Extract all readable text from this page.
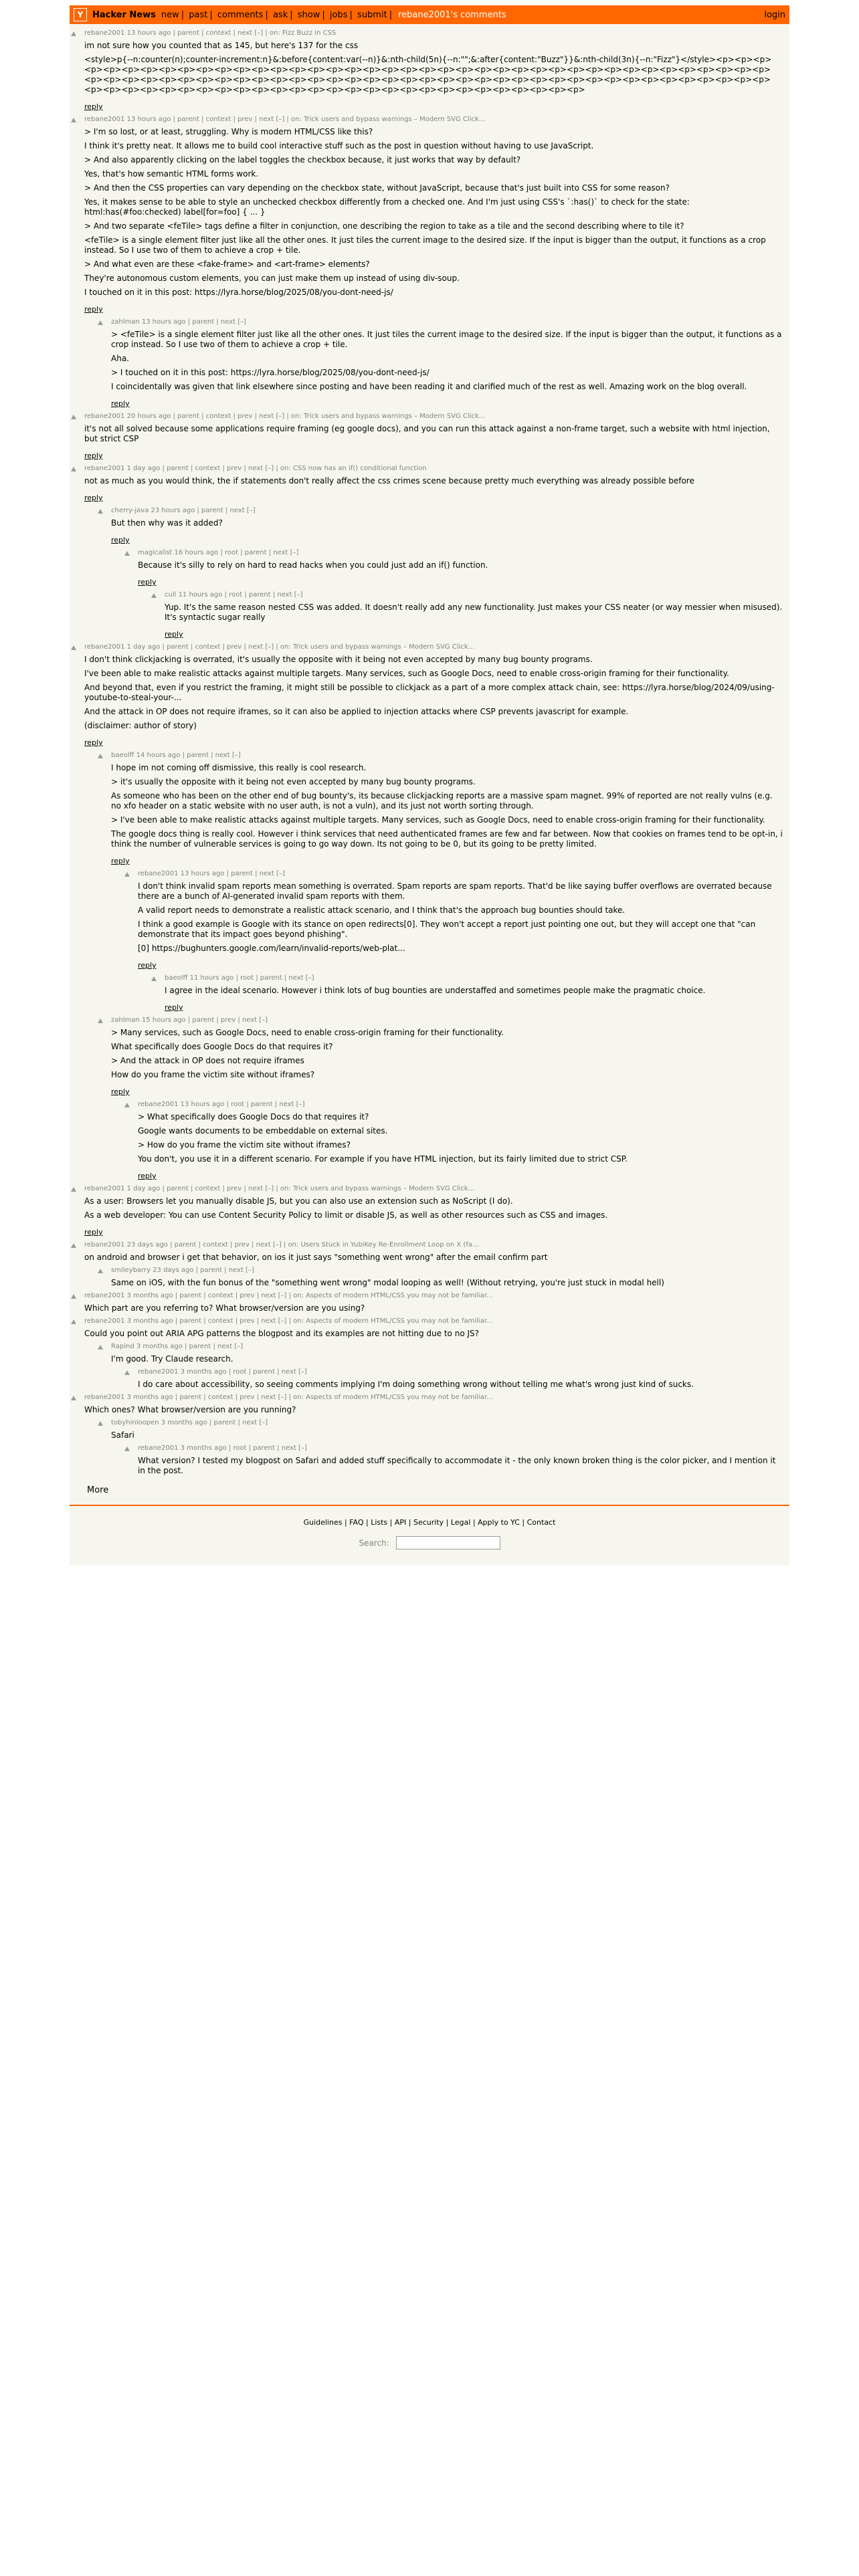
Y	Hacker News new | past | comments | ask | show | jobs | submit | rebane2001's comments	login
rebane2001 13 hours ago | parent | context | next [–] | on: Fizz Buzz in CSS

im not sure how you counted that as 145, but here's 137 for the css

<style>p{--n:counter(n);counter-increment:n}&:before{content:var(--n)}&:nth-child(5n){--n:"";&:after{content:"Buzz"}}&:nth-child(3n){--n:"Fizz"}</style><p><p><p><p><p><p><p><p><p><p><p><p><p><p><p><p><p><p><p><p><p><p><p><p><p><p><p><p><p><p><p><p><p><p><p><p><p><p><p><p><p><p><p><p><p><p><p><p><p><p><p><p><p><p><p><p><p><p><p><p><p><p><p><p><p><p><p><p><p><p><p><p><p><p><p><p><p><p><p><p><p><p><p><p><p><p><p><p><p><p><p><p><p><p><p><p><p><p><p><p><p><p><p><p>

reply
rebane2001 13 hours ago | parent | context | prev | next [–] | on: Trick users and bypass warnings – Modern SVG Click...

> I'm so lost, or at least, struggling. Why is modern HTML/CSS like this?

I think it's pretty neat. It allows me to build cool interactive stuff such as the post in question without having to use JavaScript.

> And also apparently clicking on the label toggles the checkbox because, it just works that way by default?

Yes, that's how semantic HTML forms work.

> And then the CSS properties can vary depending on the checkbox state, without JavaScript, because that's just built into CSS for some reason?

Yes, it makes sense to be able to style an unchecked checkbox differently from a checked one. And I'm just using CSS's `:has()` to check for the state: html:has(#foo:checked) label[for=foo] { ... }

> And two separate <feTile> tags define a filter in conjunction, one describing the region to take as a tile and the second describing where to tile it?

<feTile> is a single element filter just like all the other ones. It just tiles the current image to the desired size. If the input is bigger than the output, it functions as a crop instead. So I use two of them to achieve a crop + tile.

> And what even are these <fake-frame> and <art-frame> elements?

They're autonomous custom elements, you can just make them up instead of using div-soup.

I touched on it in this post: https://lyra.horse/blog/2025/08/you-dont-need-js/

reply
zahlman 13 hours ago | parent | next [–]

> <feTile> is a single element filter just like all the other ones. It just tiles the current image to the desired size. If the input is bigger than the output, it functions as a crop instead. So I use two of them to achieve a crop + tile.

Aha.

> I touched on it in this post: https://lyra.horse/blog/2025/08/you-dont-need-js/

I coincidentally was given that link elsewhere since posting and have been reading it and clarified much of the rest as well. Amazing work on the blog overall.

reply
rebane2001 20 hours ago | parent | context | prev | next [–] | on: Trick users and bypass warnings – Modern SVG Click...

it's not all solved because some applications require framing (eg google docs), and you can run this attack against a non-frame target, such a website with html injection, but strict CSP

reply
rebane2001 1 day ago | parent | context | prev | next [–] | on: CSS now has an if() conditional function

not as much as you would think, the if statements don't really affect the css crimes scene because pretty much everything was already possible before

reply
cherry-java 23 hours ago | parent | next [–]

But then why was it added?

reply
magicalist 16 hours ago | root | parent | next [–]

Because it's silly to rely on hard to read hacks when you could just add an if() function.

reply
cull 11 hours ago | root | parent | next [–]

Yup. It's the same reason nested CSS was added. It doesn't really add any new functionality. Just makes your CSS neater (or way messier when misused). It's syntactic sugar really

reply
rebane2001 1 day ago | parent | context | prev | next [–] | on: Trick users and bypass warnings – Modern SVG Click...

I don't think clickjacking is overrated, it's usually the opposite with it being not even accepted by many bug bounty programs.

I've been able to make realistic attacks against multiple targets. Many services, such as Google Docs, need to enable cross-origin framing for their functionality.

And beyond that, even if you restrict the framing, it might still be possible to clickjack as a part of a more complex attack chain, see: https://lyra.horse/blog/2024/09/using-youtube-to-steal-your-...

And the attack in OP does not require iframes, so it can also be applied to injection attacks where CSP prevents javascript for example.

(disclaimer: author of story)

reply
baeolff 14 hours ago | parent | next [–]

I hope im not coming off dismissive, this really is cool research.

> it's usually the opposite with it being not even accepted by many bug bounty programs.

As someone who has been on the other end of bug bounty's, its because clickjacking reports are a massive spam magnet. 99% of reported are not really vulns (e.g. no xfo header on a static website with no user auth, is not a vuln), and its just not worth sorting through.

> I've been able to make realistic attacks against multiple targets. Many services, such as Google Docs, need to enable cross-origin framing for their functionality.

The google docs thing is really cool. However i think services that need authenticated frames are few and far between. Now that cookies on frames tend to be opt-in, i think the number of vulnerable services is going to go way down. Its not going to be 0, but its going to be pretty limited.

reply
rebane2001 13 hours ago | parent | next [–]

I don't think invalid spam reports mean something is overrated. Spam reports are spam reports. That'd be like saying buffer overflows are overrated because there are a bunch of AI-generated invalid spam reports with them.

A valid report needs to demonstrate a realistic attack scenario, and I think that's the approach bug bounties should take.

I think a good example is Google with its stance on open redirects[0]. They won't accept a report just pointing one out, but they will accept one that "can demonstrate that its impact goes beyond phishing".

[0] https://bughunters.google.com/learn/invalid-reports/web-plat...

reply
baeolff 11 hours ago | root | parent | next [–]

I agree in the ideal scenario. However i think lots of bug bounties are understaffed and sometimes people make the pragmatic choice.

reply
zahlman 15 hours ago | parent | prev | next [–]

> Many services, such as Google Docs, need to enable cross-origin framing for their functionality.

What specifically does Google Docs do that requires it?

> And the attack in OP does not require iframes

How do you frame the victim site without iframes?

reply
rebane2001 13 hours ago | root | parent | next [–]

> What specifically does Google Docs do that requires it?

Google wants documents to be embeddable on external sites.

> How do you frame the victim site without iframes?

You don't, you use it in a different scenario. For example if you have HTML injection, but its fairly limited due to strict CSP.

reply
rebane2001 1 day ago | parent | context | prev | next [–] | on: Trick users and bypass warnings – Modern SVG Click...

As a user: Browsers let you manually disable JS, but you can also use an extension such as NoScript (I do).

As a web developer: You can use Content Security Policy to limit or disable JS, as well as other resources such as CSS and images.

reply
rebane2001 23 days ago | parent | context | prev | next [–] | on: Users Stuck in YubiKey Re-Enrollment Loop on X (fa...

on android and browser i get that behavior, on ios it just says "something went wrong" after the email confirm part

smileybarry 23 days ago | parent | next [–]

Same on iOS, with the fun bonus of the "something went wrong" modal looping as well! (Without retrying, you're just stuck in modal hell)

rebane2001 3 months ago | parent | context | prev | next [–] | on: Aspects of modern HTML/CSS you may not be familiar...

Which part are you referring to? What browser/version are you using?

rebane2001 3 months ago | parent | context | prev | next [–] | on: Aspects of modern HTML/CSS you may not be familiar...

Could you point out ARIA APG patterns the blogpost and its examples are not hitting due to no JS?

Rapind 3 months ago | parent | next [–]

I'm good. Try Claude research.

rebane2001 3 months ago | root | parent | next [–]

I do care about accessibility, so seeing comments implying I'm doing something wrong without telling me what's wrong just kind of sucks.

rebane2001 3 months ago | parent | context | prev | next [–] | on: Aspects of modern HTML/CSS you may not be familiar...

Which ones? What browser/version are you running?

tobyhinloopen 3 months ago | parent | next [–]

Safari

rebane2001 3 months ago | root | parent | next [–]

What version? I tested my blogpost on Safari and added stuff specifically to accommodate it - the only known broken thing is the color picker, and I mention it in the post.

More
Guidelines | FAQ | Lists | API | Security | Legal | Apply to YC | Contact
Search:
